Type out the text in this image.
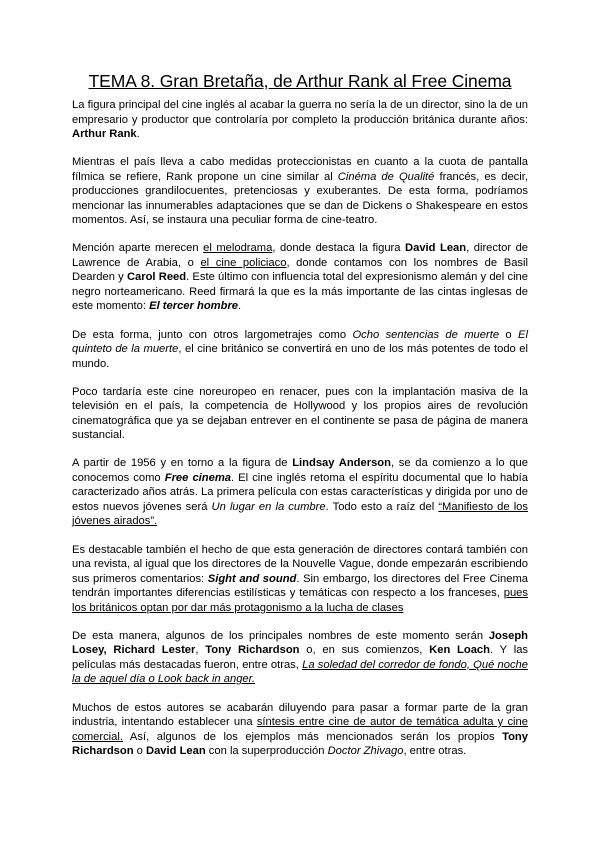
TEMA 8. Gran Bretaña, de Arthur Rank al Free Cinema

La figura principal del cine inglés al acabar la guerra no sería la de un director, sino la de un empresario y productor que controlaría por completo la producción británica durante años: Arthur Rank.

Mientras el país lleva a cabo medidas proteccionistas en cuanto a la cuota de pantalla fílmica se refiere, Rank propone un cine similar al Cinéma de Qualité francés, es decir, producciones grandilocuentes, pretenciosas y exuberantes. De esta forma, podríamos mencionar las innumerables adaptaciones que se dan de Dickens o Shakespeare en estos momentos. Así, se instaura una peculiar forma de cine-teatro.

Mención aparte merecen el melodrama, donde destaca la figura David Lean, director de Lawrence de Arabia, o el cine policiaco, donde contamos con los nombres de Basil Dearden y Carol Reed. Este último con influencia total del expresionismo alemán y del cine negro norteamericano. Reed firmará la que es la más importante de las cintas inglesas de este momento: El tercer hombre.

De esta forma, junto con otros largometrajes como Ocho sentencias de muerte o El quinteto de la muerte, el cine británico se convertirá en uno de los más potentes de todo el mundo.

Poco tardaría este cine noreuropeo en renacer, pues con la implantación masiva de la televisión en el país, la competencia de Hollywood y los propios aires de revolución cinematográfica que ya se dejaban entrever en el continente se pasa de página de manera sustancial.

A partir de 1956 y en torno a la figura de Lindsay Anderson, se da comienzo a lo que conocemos como Free cinema. El cine inglés retoma el espíritu documental que lo había caracterizado años atrás. La primera película con estas características y dirigida por uno de estos nuevos jóvenes será Un lugar en la cumbre. Todo esto a raíz del “Manifiesto de los jóvenes airados”.

Es destacable también el hecho de que esta generación de directores contará también con una revista, al igual que los directores de la Nouvelle Vague, donde empezarán escribiendo sus primeros comentarios: Sight and sound. Sin embargo, los directores del Free Cinema tendrán importantes diferencias estilísticas y temáticas con respecto a los franceses, pues los británicos optan por dar más protagonismo a la lucha de clases

De esta manera, algunos de los principales nombres de este momento serán Joseph Losey, Richard Lester, Tony Richardson o, en sus comienzos, Ken Loach. Y las películas más destacadas fueron, entre otras, La soledad del corredor de fondo, Qué noche la de aquel día o Look back in anger.

Muchos de estos autores se acabarán diluyendo para pasar a formar parte de la gran industria, intentando establecer una síntesis entre cine de autor de temática adulta y cine comercial. Así, algunos de los ejemplos más mencionados serán los propios Tony Richardson o David Lean con la superproducción Doctor Zhivago, entre otras.
